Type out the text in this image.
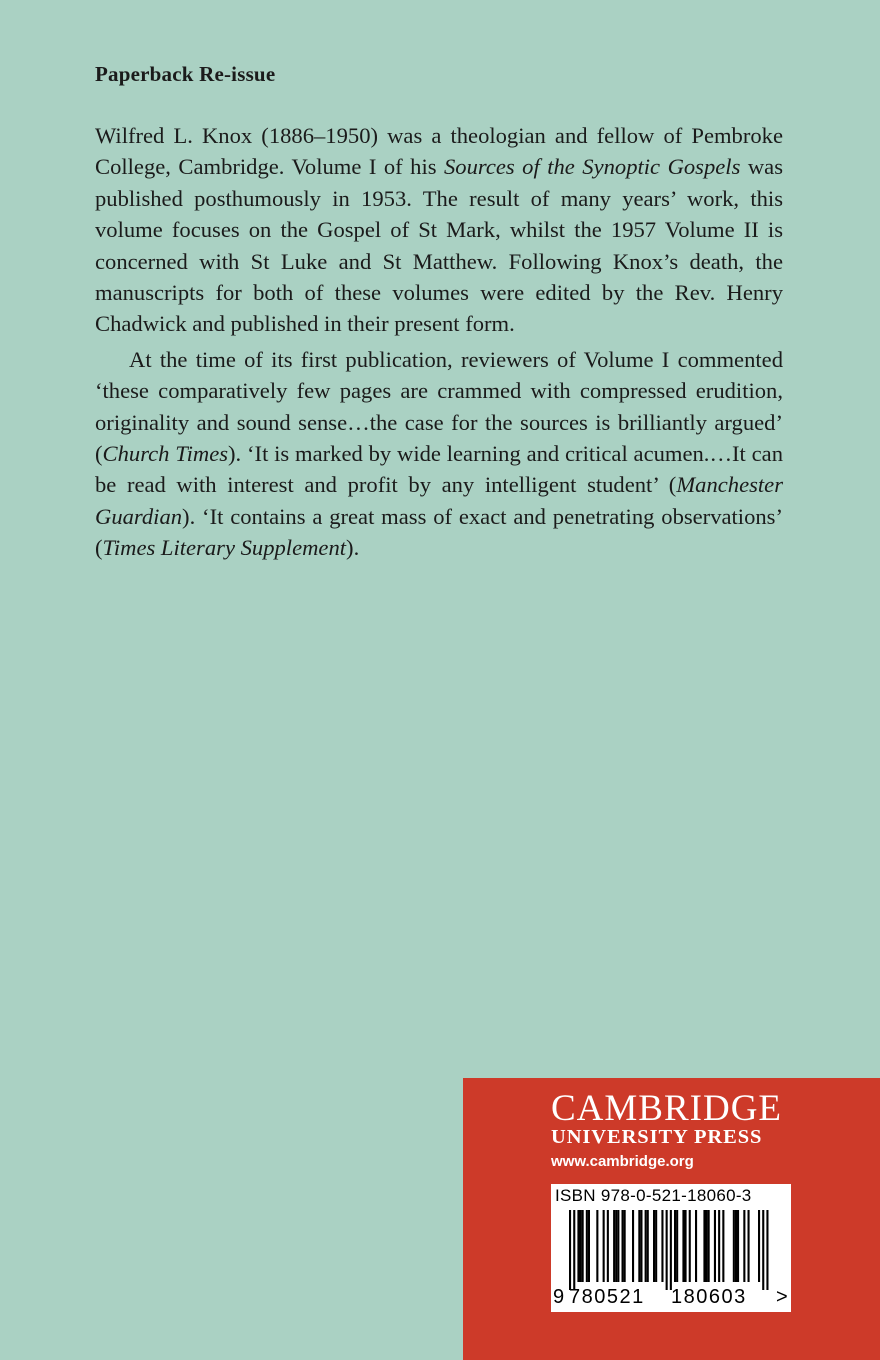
Paperback Re-issue

Wilfred L. Knox (1886–1950) was a theologian and fellow of Pembroke College, Cambridge. Volume I of his Sources of the Synoptic Gospels was published posthumously in 1953. The result of many years’ work, this volume focuses on the Gospel of St Mark, whilst the 1957 Volume II is concerned with St Luke and St Matthew. Following Knox’s death, the manuscripts for both of these volumes were edited by the Rev. Henry Chadwick and published in their present form.

At the time of its first publication, reviewers of Volume I commented ‘these comparatively few pages are crammed with compressed erudition, originality and sound sense…the case for the sources is brilliantly argued’ (Church Times). ‘It is marked by wide learning and critical acumen.…It can be read with interest and profit by any intelligent student’ (Manchester Guardian). ‘It contains a great mass of exact and penetrating observations’ (Times Literary Supplement).

CAMBRIDGE
UNIVERSITY PRESS
www.cambridge.org
ISBN 978-0-521-18060-3
9 780521 180603 >
